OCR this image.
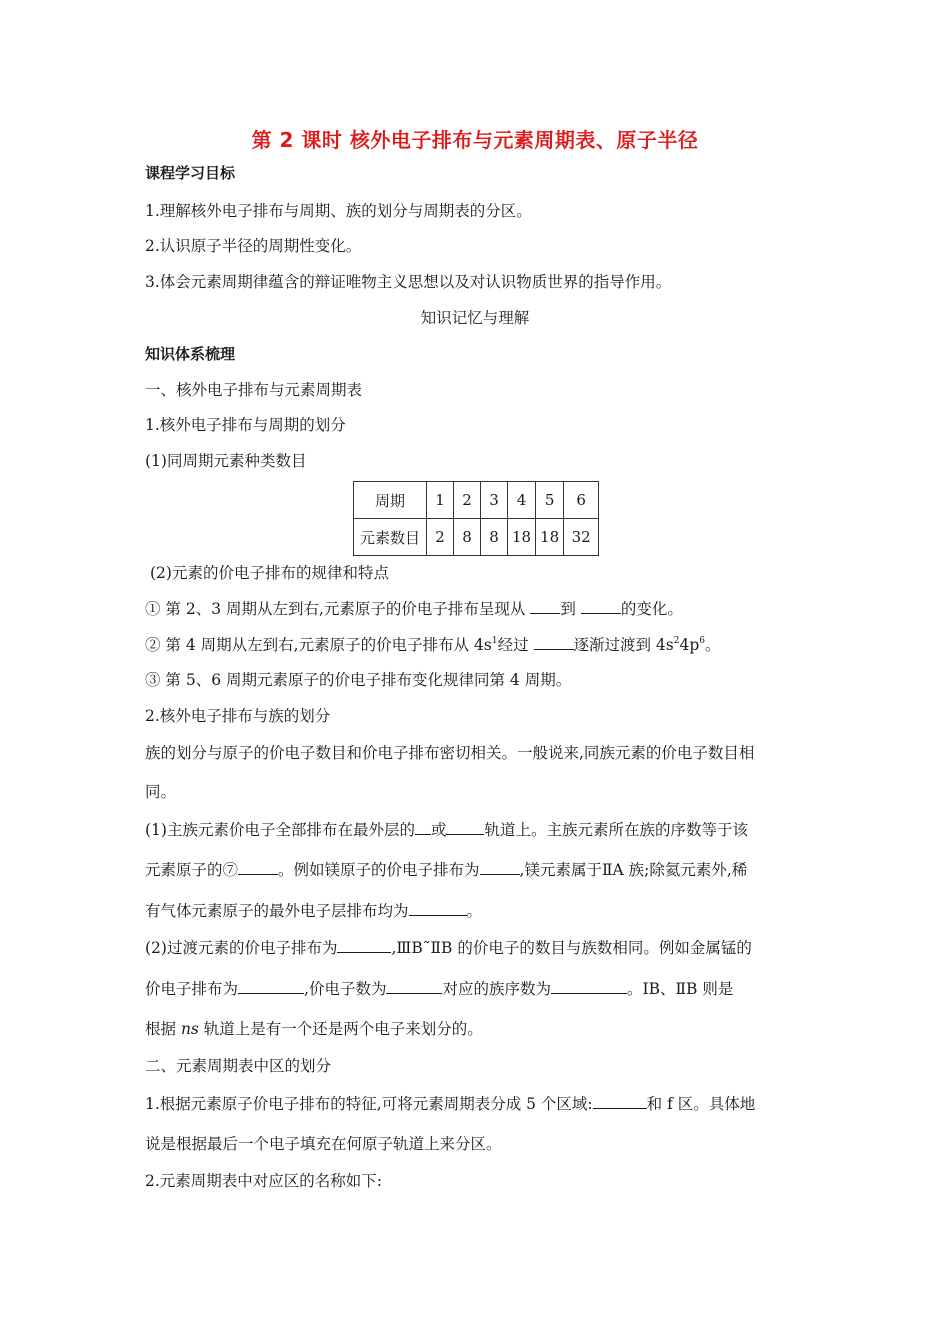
第 2 课时 核外电子排布与元素周期表、原子半径
课程学习目标
1.理解核外电子排布与周期、族的划分与周期表的分区。
2.认识原子半径的周期性变化。
3.体会元素周期律蕴含的辩证唯物主义思想以及对认识物质世界的指导作用。
知识记忆与理解
知识体系梳理
一、核外电子排布与元素周期表
1.核外电子排布与周期的划分
(1)同周期元素种类数目
周期	1	2	3	4	5	6
元素数目	2	8	8	18	18	32
(2)元素的价电子排布的规律和特点
① 第 2、3 周期从左到右,元素原子的价电子排布呈现从 到	的变化。
② 第 4 周期从左到右,元素原子的价电子排布从 $4s^1$经过	逐渐过渡到 $4s^24p^6$。
③ 第 5、6 周期元素原子的价电子排布变化规律同第 4 周期。
2.核外电子排布与族的划分
族的划分与原子的价电子数目和价电子排布密切相关。一般说来,同族元素的价电子数目相
同。
(1)主族元素价电子全部排布在最外层的 或 轨道上。主族元素所在族的序数等于该
元素原子的⑦	。例如镁原子的价电子排布为	,镁元素属于ⅡA 族;除氦元素外,稀
有气体元素原子的最外电子层排布均为	。
(2)过渡元素的价电子排布为	,ⅢB˜ⅡB 的价电子的数目与族数相同。例如金属锰的
价电子排布为	,价电子数为	对应的族序数为	。ⅠB、ⅡB 则是
根据 ns 轨道上是有一个还是两个电子来划分的。
二、元素周期表中区的划分
1.根据元素原子价电子排布的特征,可将元素周期表分成 5 个区域:	和 f 区。具体地
说是根据最后一个电子填充在何原子轨道上来分区。
2.元素周期表中对应区的名称如下:
